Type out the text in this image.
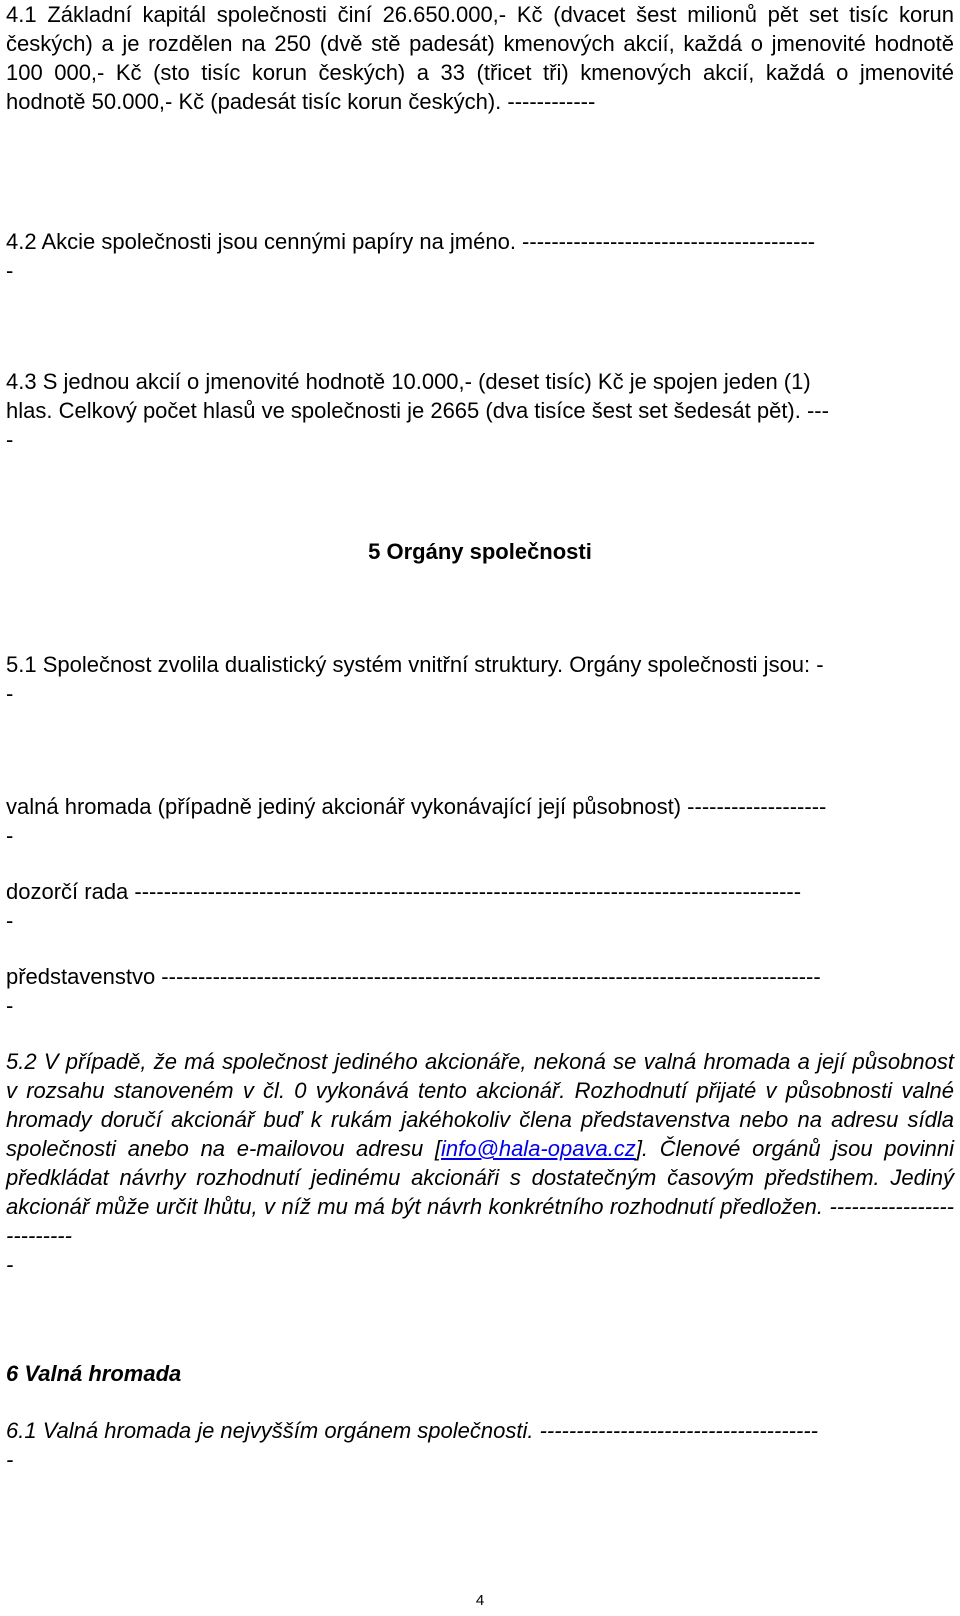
4.1 Základní kapitál společnosti činí 26.650.000,- Kč (dvacet šest milionů pět set tisíc korun českých) a je rozdělen na 250 (dvě stě padesát) kmenových akcií, každá o jmenovité hodnotě 100 000,- Kč (sto tisíc korun českých) a 33 (třicet tři) kmenových akcií, každá o jmenovité hodnotě 50.000,- Kč (padesát tisíc korun českých). ------------

4.2 Akcie společnosti jsou cennými papíry na jméno. ----------------------------------------

-

4.3 S jednou akcií o jmenovité hodnotě 10.000,- (deset tisíc) Kč je spojen jeden (1)

hlas. Celkový počet hlasů ve společnosti je 2665 (dva tisíce šest set šedesát pět). ---

-

5 Orgány společnosti

5.1 Společnost zvolila dualistický systém vnitřní struktury. Orgány společnosti jsou: -

-

valná hromada (případně jediný akcionář vykonávající její působnost) -------------------

-

dozorčí rada -------------------------------------------------------------------------------------------

-

představenstvo ------------------------------------------------------------------------------------------

-

5.2 V případě, že má společnost jediného akcionáře, nekoná se valná hromada a její působnost v rozsahu stanoveném v čl. 0 vykonává tento akcionář. Rozhodnutí přijaté v působnosti valné hromady doručí akcionář buď k rukám jakéhokoliv člena představenstva nebo na adresu sídla společnosti anebo na e-mailovou adresu [info@hala-opava.cz]. Členové orgánů jsou povinni předkládat návrhy rozhodnutí jedinému akcionáři s dostatečným časovým předstihem. Jediný akcionář může určit lhůtu, v níž mu má být návrh konkrétního rozhodnutí předložen. --------------------------

-

6 Valná hromada

6.1 Valná hromada je nejvyšším orgánem společnosti. --------------------------------------

-

4
